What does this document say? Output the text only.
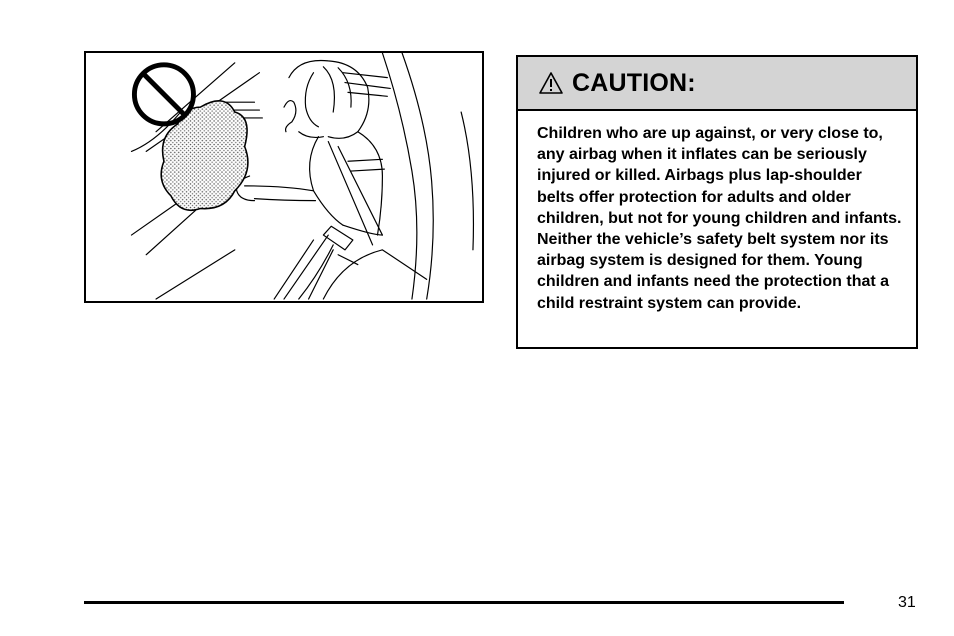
CAUTION:
Children who are up against, or very close to, any airbag when it inflates can be seriously injured or killed. Airbags plus lap-shoulder belts offer protection for adults and older children, but not for young children and infants. Neither the vehicle’s safety belt system nor its airbag system is designed for them. Young children and infants need the protection that a child restraint system can provide.
31
